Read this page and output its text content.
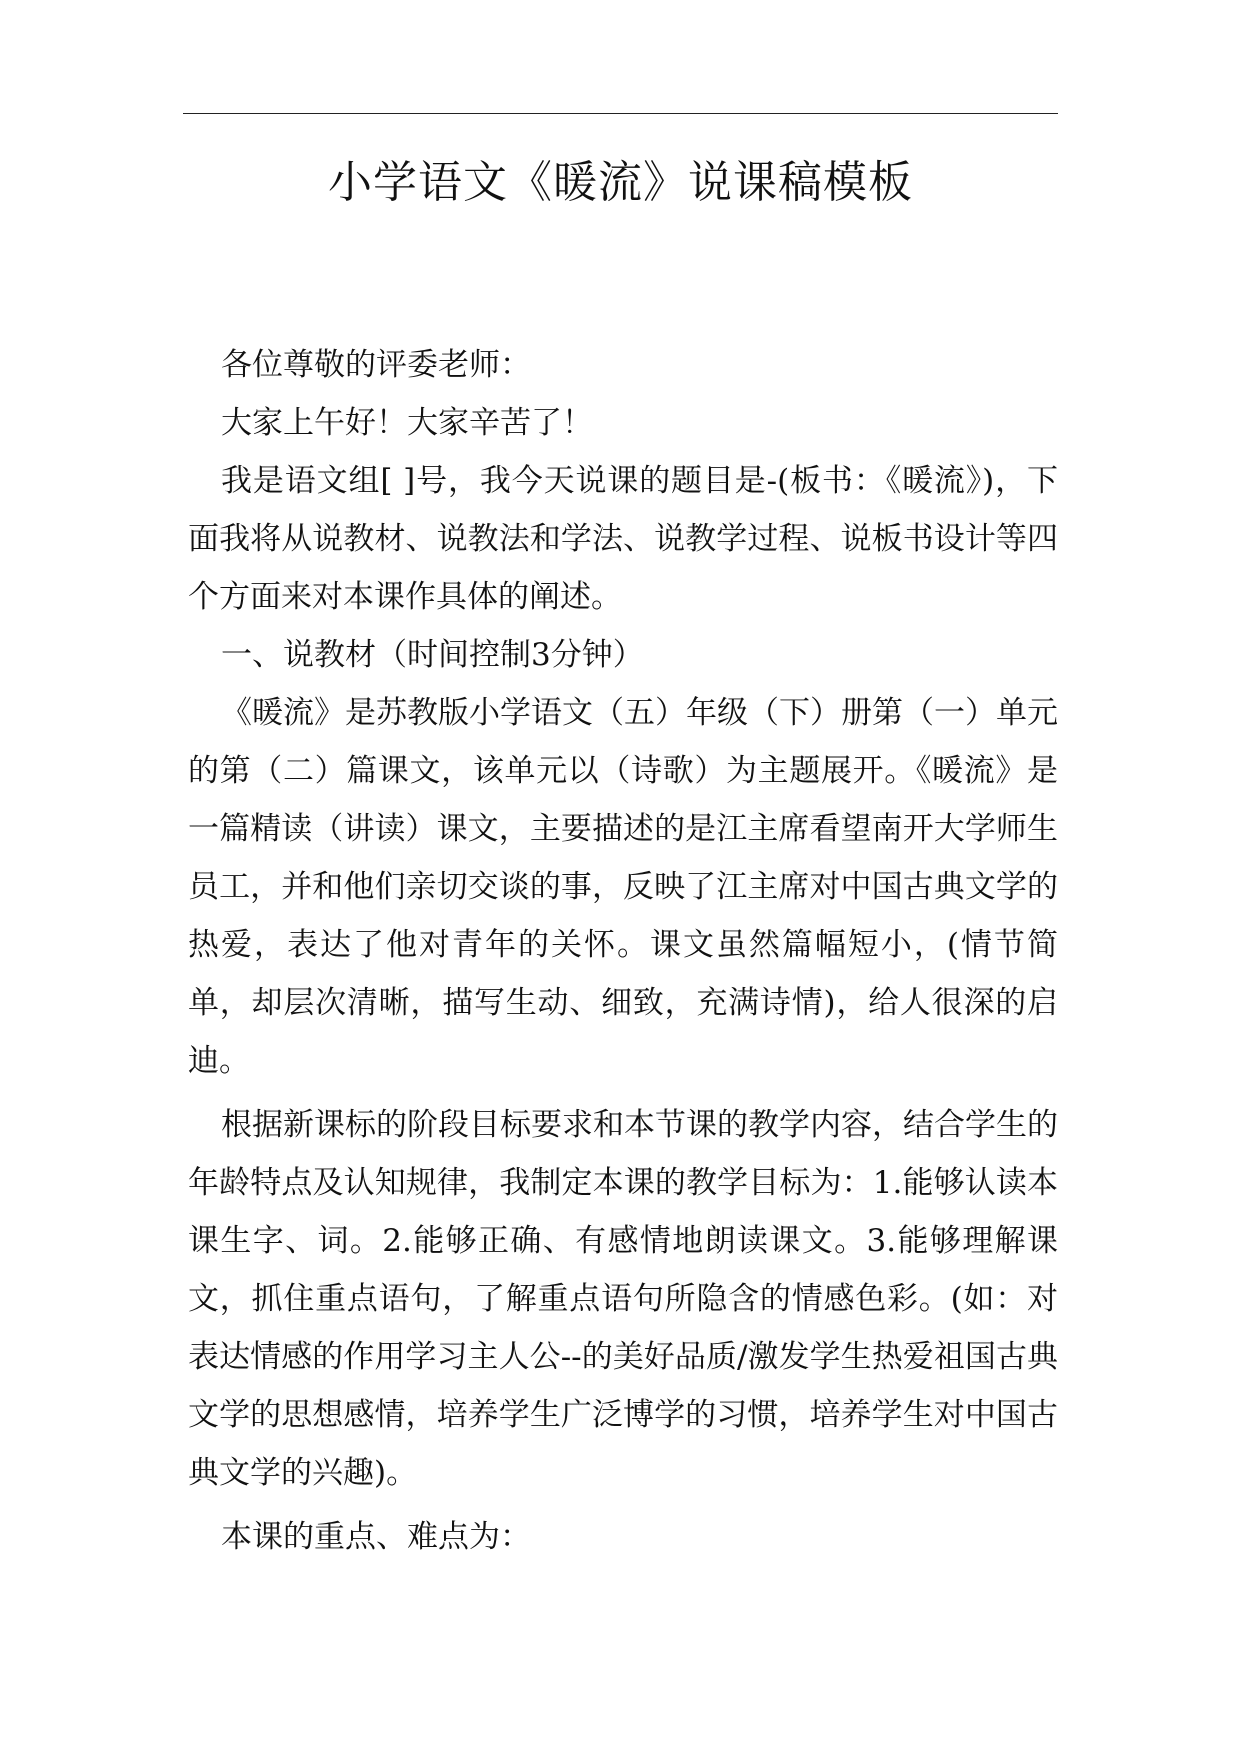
小学语文《暖流》说课稿模板

各位尊敬的评委老师：

大家上午好！大家辛苦了！

我是语文组[ ]号，我今天说课的题目是-(板书：《暖流》)，下面我将从说教材、说教法和学法、说教学过程、说板书设计等四个方面来对本课作具体的阐述。

一、说教材（时间控制3分钟）

《暖流》是苏教版小学语文（五）年级（下）册第（一）单元的第（二）篇课文，该单元以（诗歌）为主题展开。《暖流》是一篇精读（讲读）课文，主要描述的是江主席看望南开大学师生员工，并和他们亲切交谈的事，反映了江主席对中国古典文学的热爱，表达了他对青年的关怀。课文虽然篇幅短小，(情节简单，却层次清晰，描写生动、细致，充满诗情)，给人很深的启迪。

根据新课标的阶段目标要求和本节课的教学内容，结合学生的年龄特点及认知规律，我制定本课的教学目标为：1.能够认读本课生字、词。2.能够正确、有感情地朗读课文。3.能够理解课文，抓住重点语句，了解重点语句所隐含的情感色彩。(如：对表达情感的作用学习主人公--的美好品质/激发学生热爱祖国古典文学的思想感情，培养学生广泛博学的习惯，培养学生对中国古典文学的兴趣)。

本课的重点、难点为：
